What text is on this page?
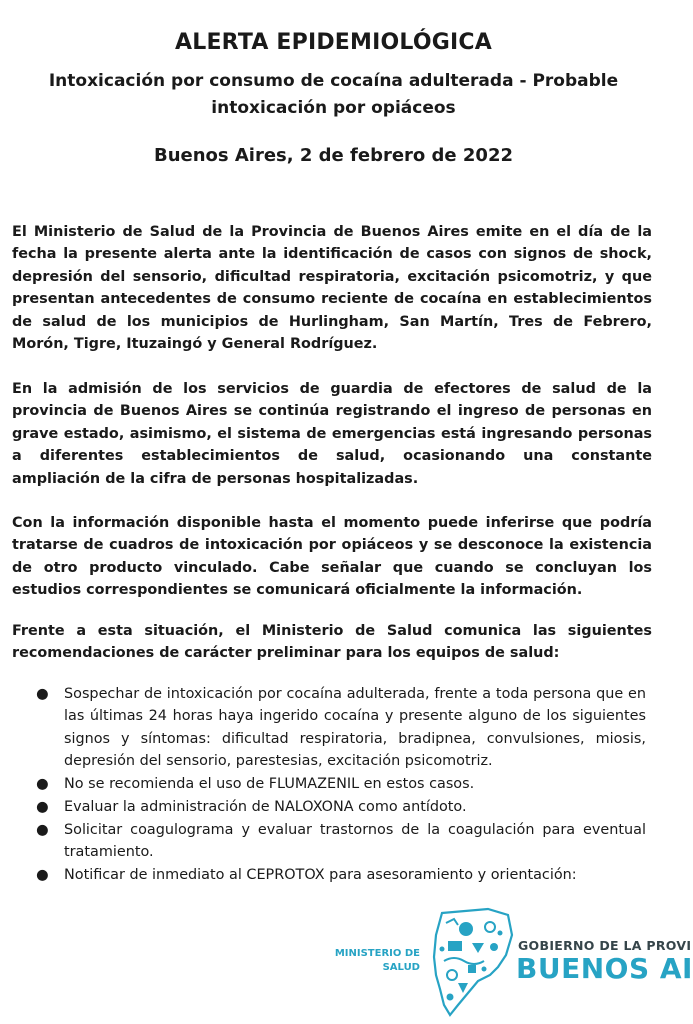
ALERTA EPIDEMIOLÓGICA
Intoxicación por consumo de cocaína adulterada - Probable intoxicación por opiáceos
Buenos Aires, 2 de febrero de 2022

El Ministerio de Salud de la Provincia de Buenos Aires emite en el día de la fecha la presente alerta ante la identificación de casos con signos de shock, depresión del sensorio, dificultad respiratoria, excitación psicomotriz, y que presentan antecedentes de consumo reciente de cocaína en establecimientos de salud de los municipios de Hurlingham, San Martín, Tres de Febrero, Morón, Tigre, Ituzaingó y General Rodríguez.

En la admisión de los servicios de guardia de efectores de salud de la provincia de Buenos Aires se continúa registrando el ingreso de personas en grave estado, asimismo, el sistema de emergencias está ingresando personas a diferentes establecimientos de salud, ocasionando una constante ampliación de la cifra de personas hospitalizadas.

Con la información disponible hasta el momento puede inferirse que podría tratarse de cuadros de intoxicación por opiáceos y se desconoce la existencia de otro producto vinculado. Cabe señalar que cuando se concluyan los estudios correspondientes se comunicará oficialmente la información.

Frente a esta situación, el Ministerio de Salud comunica las siguientes recomendaciones de carácter preliminar para los equipos de salud:

● Sospechar de intoxicación por cocaína adulterada, frente a toda persona que en las últimas 24 horas haya ingerido cocaína y presente alguno de los siguientes signos y síntomas: dificultad respiratoria, bradipnea, convulsiones, miosis, depresión del sensorio, parestesias, excitación psicomotriz.
● No se recomienda el uso de FLUMAZENIL en estos casos.
● Evaluar la administración de NALOXONA como antídoto.
● Solicitar coagulograma y evaluar trastornos de la coagulación para eventual tratamiento.
● Notificar de inmediato al CEPROTOX para asesoramiento y orientación:
MINISTERIO DE
SALUD
GOBIERNO DE LA PROVI
BUENOS AI
